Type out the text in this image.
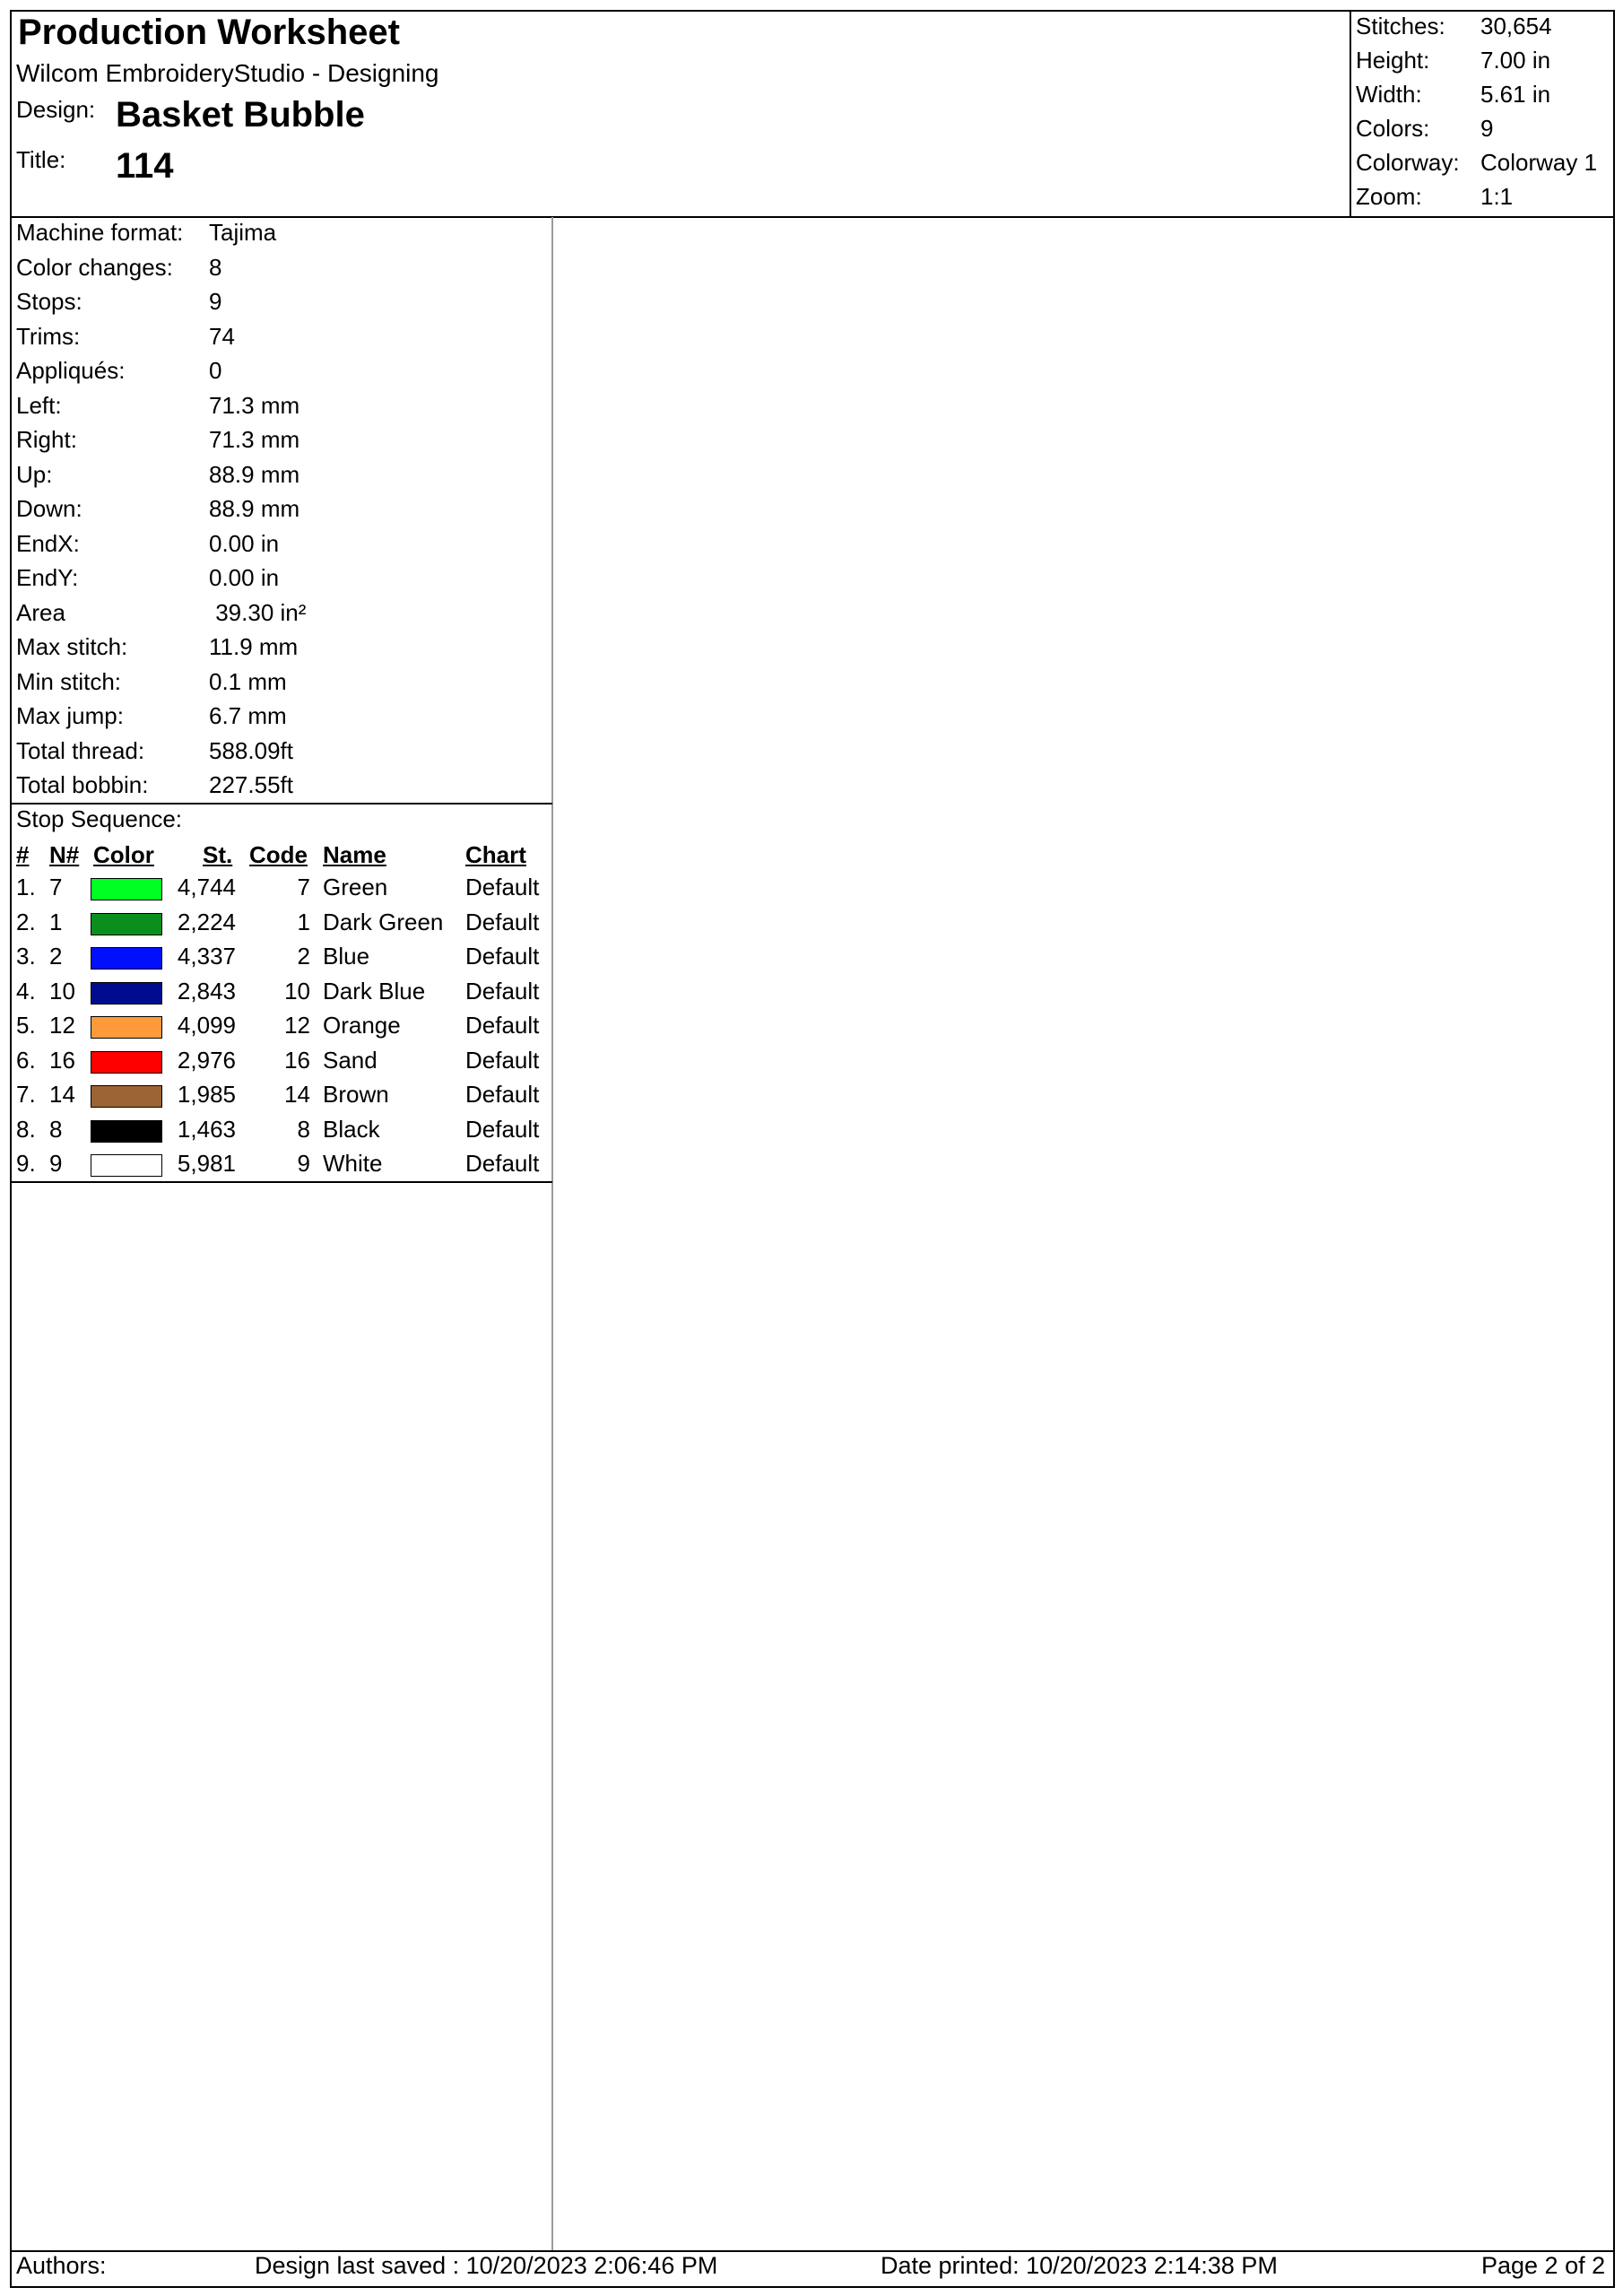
Production Worksheet
Wilcom EmbroideryStudio - Designing
Design: Basket Bubble
Title: 114
Stitches: 30,654
Height: 7.00 in
Width:	5.61 in
Colors: 9
Colorway: Colorway 1
Zoom:	1:1
Machine format: Tajima
Color changes: 8
Stops:	9
Trims:	74
Appliqués:	0
Left:	71.3 mm
Right:	71.3 mm
Up:	88.9 mm
Down:	88.9 mm
EndX:	0.00 in
EndY:	0.00 in
Area	39.30 in²
Max stitch:	11.9 mm
Min stitch:	0.1 mm
Max jump:	6.7 mm
Total thread:	588.09ft
Total bobbin:	227.55ft
Stop Sequence:
# N# Color St. Code Name	Chart
1. 7	4,744	7 Green	Default
2. 1	2,224	1 Dark Green Default
3. 2	4,337	2 Blue	Default
4. 10	2,843 10 Dark Blue Default
5. 12	4,099 12 Orange	Default
6. 16	2,976 16 Sand	Default
7. 14	1,985 14 Brown	Default
8. 8	1,463	8 Black	Default
9. 9	5,981	9 White	Default
Authors:	Design last saved : 10/20/2023 2:06:46 PM	Date printed: 10/20/2023 2:14:38 PM	Page 2 of 2
